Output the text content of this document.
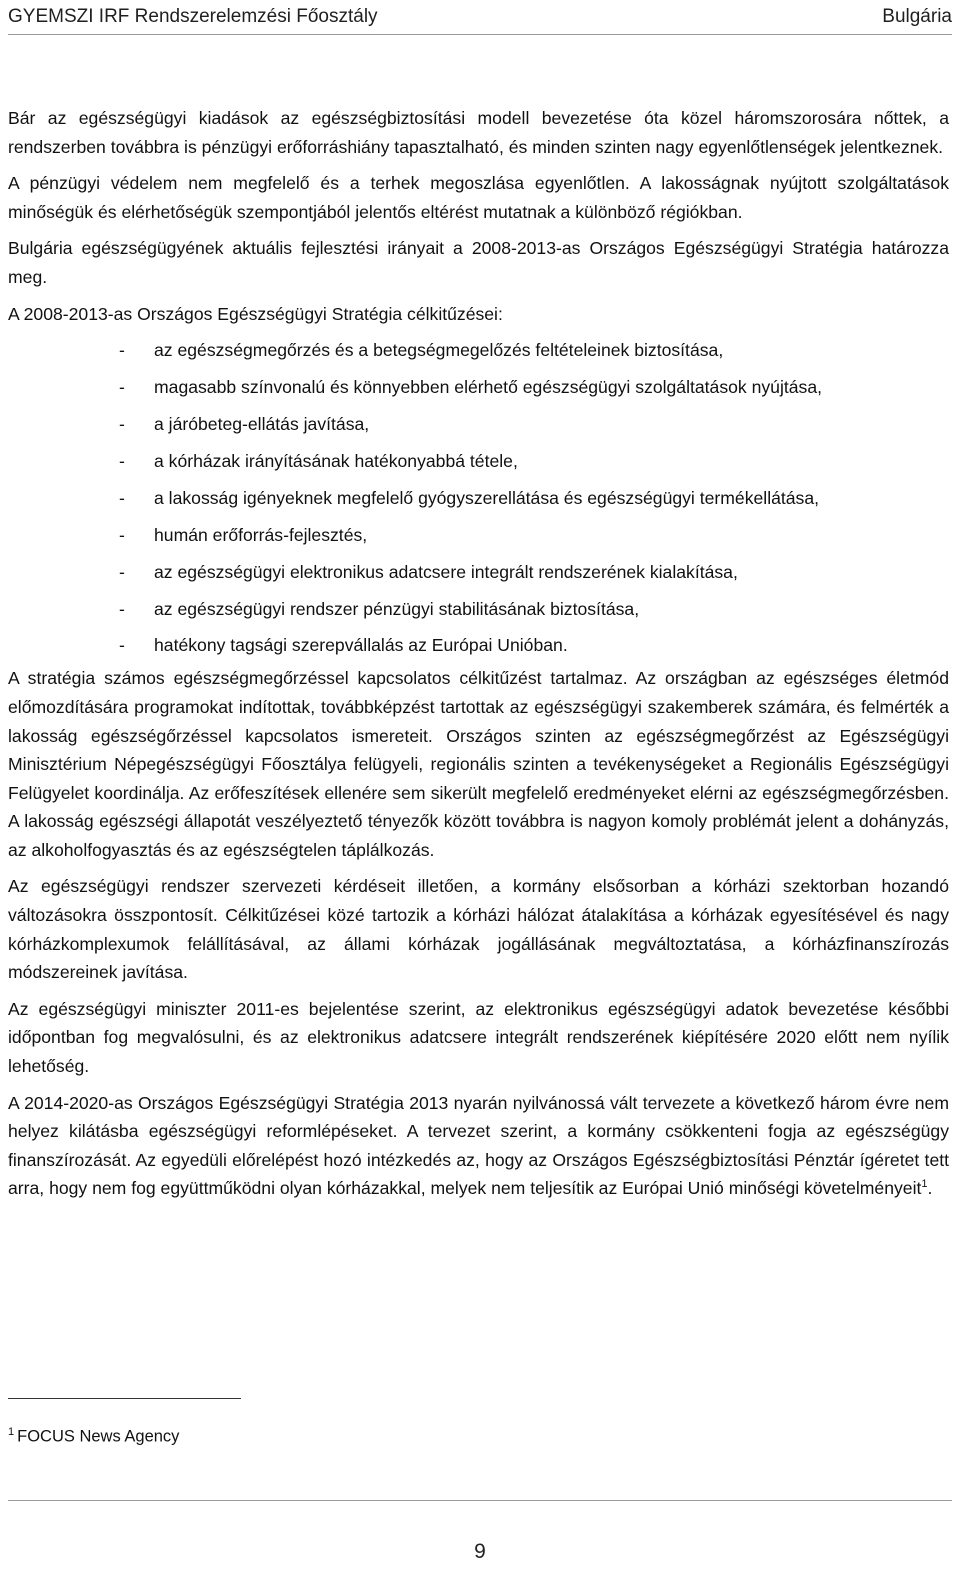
GYEMSZI IRF Rendszerelemzési Főosztály	Bulgária

Bár az egészségügyi kiadások az egészségbiztosítási modell bevezetése óta közel háromszorosára nőttek, a rendszerben továbbra is pénzügyi erőforráshiány tapasztalható, és minden szinten nagy egyenlőtlenségek jelentkeznek.

A pénzügyi védelem nem megfelelő és a terhek megoszlása egyenlőtlen. A lakosságnak nyújtott szolgáltatások minőségük és elérhetőségük szempontjából jelentős eltérést mutatnak a különböző régiókban.

Bulgária egészségügyének aktuális fejlesztési irányait a 2008-2013-as Országos Egészségügyi Stratégia határozza meg.

A 2008-2013-as Országos Egészségügyi Stratégia célkitűzései:

- az egészségmegőrzés és a betegségmegelőzés feltételeinek biztosítása,
- magasabb színvonalú és könnyebben elérhető egészségügyi szolgáltatások nyújtása,
- a járóbeteg-ellátás javítása,
- a kórházak irányításának hatékonyabbá tétele,
- a lakosság igényeknek megfelelő gyógyszerellátása és egészségügyi termékellátása,
- humán erőforrás-fejlesztés,
- az egészségügyi elektronikus adatcsere integrált rendszerének kialakítása,
- az egészségügyi rendszer pénzügyi stabilitásának biztosítása,
- hatékony tagsági szerepvállalás az Európai Unióban.

A stratégia számos egészségmegőrzéssel kapcsolatos célkitűzést tartalmaz. Az országban az egészséges életmód előmozdítására programokat indítottak, továbbképzést tartottak az egészségügyi szakemberek számára, és felmérték a lakosság egészségőrzéssel kapcsolatos ismereteit. Országos szinten az egészségmegőrzést az Egészségügyi Minisztérium Népegészségügyi Főosztálya felügyeli, regionális szinten a tevékenységeket a Regionális Egészségügyi Felügyelet koordinálja. Az erőfeszítések ellenére sem sikerült megfelelő eredményeket elérni az egészségmegőrzésben. A lakosság egészségi állapotát veszélyeztető tényezők között továbbra is nagyon komoly problémát jelent a dohányzás, az alkoholfogyasztás és az egészségtelen táplálkozás.

Az egészségügyi rendszer szervezeti kérdéseit illetően, a kormány elsősorban a kórházi szektorban hozandó változásokra összpontosít. Célkitűzései közé tartozik a kórházi hálózat átalakítása a kórházak egyesítésével és nagy kórházkomplexumok felállításával, az állami kórházak jogállásának megváltoztatása, a kórházfinanszírozás módszereinek javítása.

Az egészségügyi miniszter 2011-es bejelentése szerint, az elektronikus egészségügyi adatok bevezetése későbbi időpontban fog megvalósulni, és az elektronikus adatcsere integrált rendszerének kiépítésére 2020 előtt nem nyílik lehetőség.

A 2014-2020-as Országos Egészségügyi Stratégia 2013 nyarán nyilvánossá vált tervezete a következő három évre nem helyez kilátásba egészségügyi reformlépéseket. A tervezet szerint, a kormány csökkenteni fogja az egészségügy finanszírozását. Az egyedüli előrelépést hozó intézkedés az, hogy az Országos Egészségbiztosítási Pénztár ígéretet tett arra, hogy nem fog együttműködni olyan kórházakkal, melyek nem teljesítik az Európai Unió minőségi követelményeit$^1$.

$^1$ FOCUS News Agency
9
